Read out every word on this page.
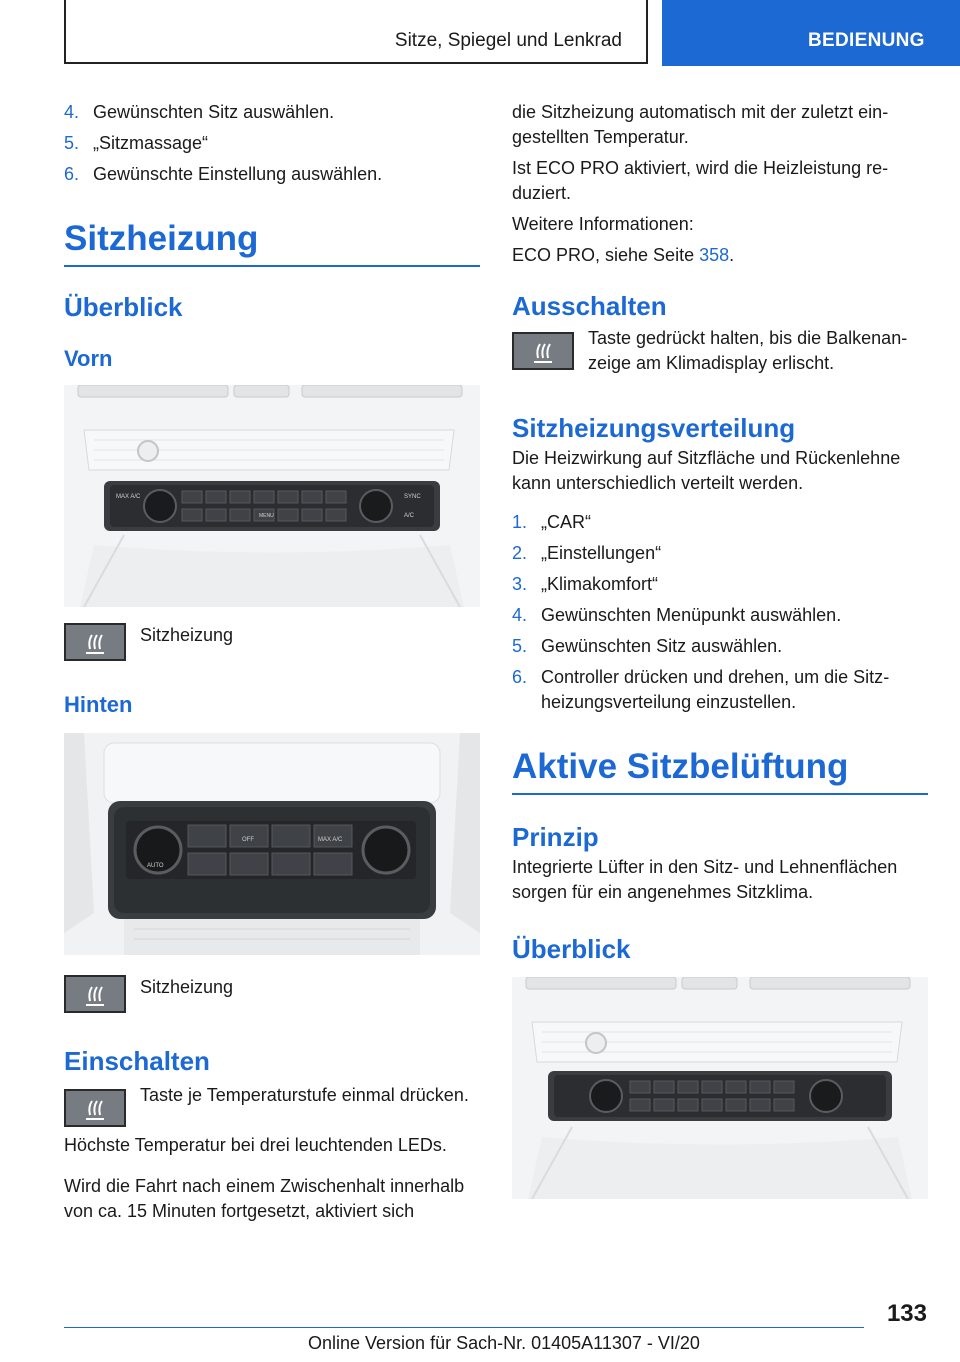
Sitze, Spiegel und Lenkrad	BEDIENUNG
4. Gewünschten Sitz auswählen.
5. „Sitzmassage“
6. Gewünschte Einstellung auswählen.
Sitzheizung
Überblick
Vorn
MAX A/C	SYNC
MENU	A/C
Sitzheizung
Hinten
AUTO
OFF	MAX A/C
Sitzheizung
Einschalten
Taste je Temperaturstufe einmal drücken.

Höchste Temperatur bei drei leuchtenden LEDs.

Wird die Fahrt nach einem Zwischenhalt innerhalb von ca. 15 Minuten fortgesetzt, aktiviert sich

die Sitzheizung automatisch mit der zuletzt eingestellten Temperatur.

Ist ECO PRO aktiviert, wird die Heizleistung reduziert.

Weitere Informationen:

ECO PRO, siehe Seite 358.

Ausschalten
Taste gedrückt halten, bis die Balkenanzeige am Klimadisplay erlischt.
Sitzheizungsverteilung

Die Heizwirkung auf Sitzfläche und Rückenlehne kann unterschiedlich verteilt werden.

1. „CAR“
2. „Einstellungen“
3. „Klimakomfort“
4. Gewünschten Menüpunkt auswählen.
5. Gewünschten Sitz auswählen.
6. Controller drücken und drehen, um die Sitzheizungsverteilung einzustellen.
Aktive Sitzbelüftung
Prinzip

Integrierte Lüfter in den Sitz- und Lehnenflächen sorgen für ein angenehmes Sitzklima.

Überblick
133
Online Version für Sach-Nr. 01405A11307 - VI/20
